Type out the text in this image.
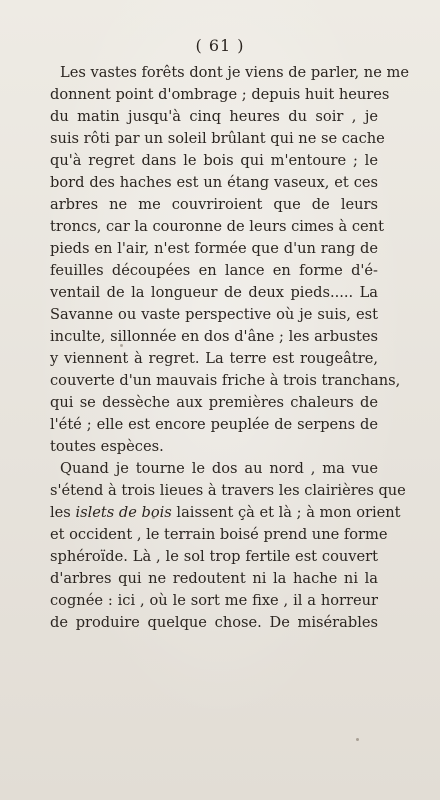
( 61 )
Les vastes forêts dont je viens de parler, ne me
donnent point d'ombrage ; depuis huit heures
du matin jusqu'à cinq heures du soir , je
suis rôti par un soleil brûlant qui ne se cache
qu'à regret dans le bois qui m'entoure ; le
bord des haches est un étang vaseux, et ces
arbres ne me couvriroient que de leurs
troncs, car la couronne de leurs cimes à cent
pieds en l'air, n'est formée que d'un rang de
feuilles découpées en lance en forme d'é-
ventail de la longueur de deux pieds..... La
Savanne ou vaste perspective où je suis, est
inculte, sillonnée en dos d'âne ; les arbustes
y viennent à regret. La terre est rougeâtre,
couverte d'un mauvais friche à trois tranchans,
qui se dessèche aux premières chaleurs de
l'été ; elle est encore peuplée de serpens de
toutes espèces.
Quand je tourne le dos au nord , ma vue
s'étend à trois lieues à travers les clairières que
les islets de bois laissent çà et là ; à mon orient
et occident , le terrain boisé prend une forme
sphéroïde. Là , le sol trop fertile est couvert
d'arbres qui ne redoutent ni la hache ni la
cognée : ici , où le sort me fixe , il a horreur
de produire quelque chose. De misérables
